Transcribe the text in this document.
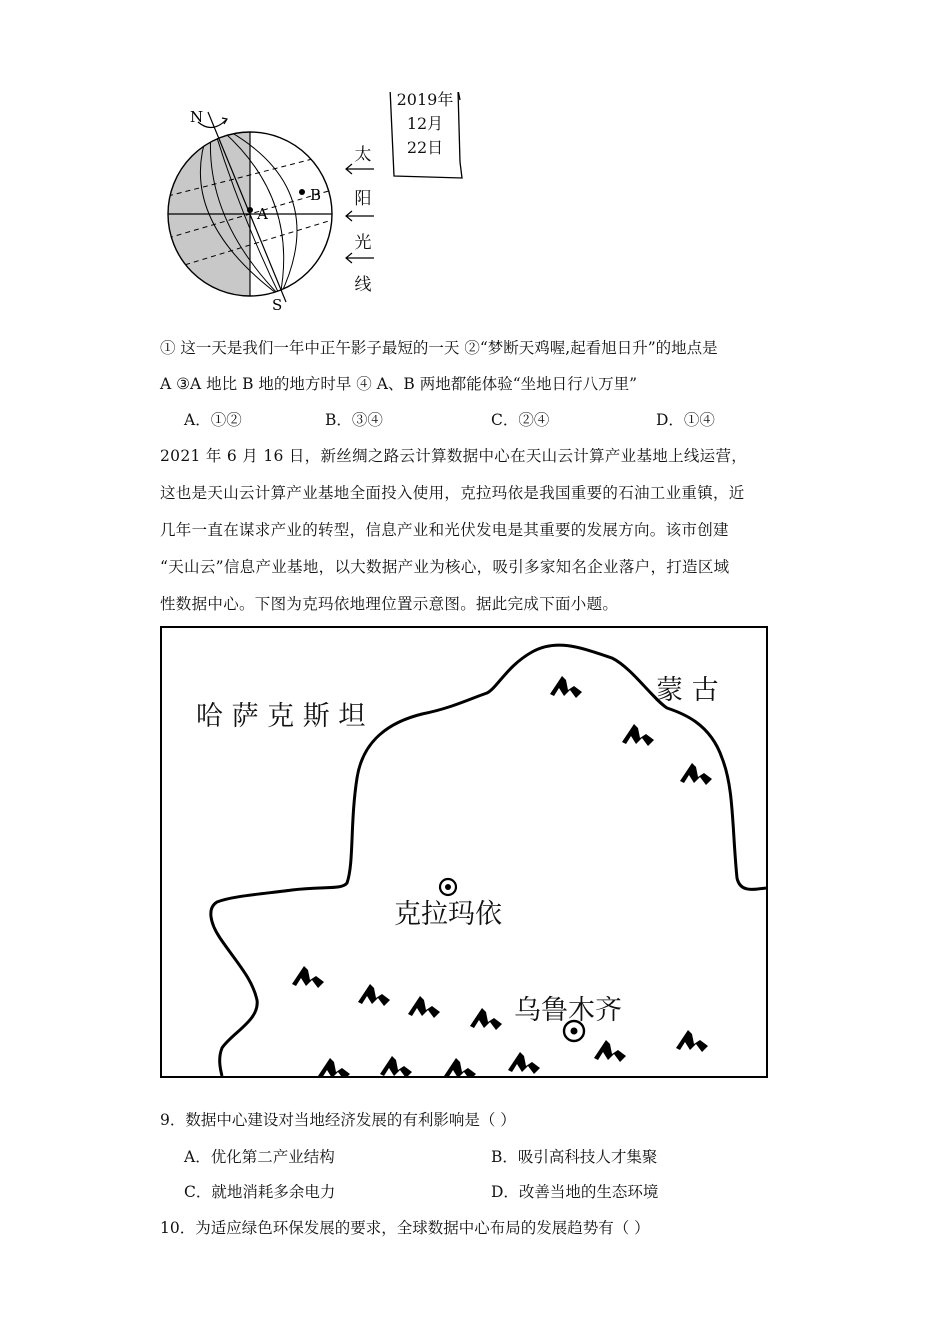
N
S
A
B
2019年
12月
22日
太
阳
光
线
① 这一天是我们一年中正午影子最短的一天 ②“梦断天鸡喔,起看旭日升”的地点是
A ③A 地比 B 地的地方时早 ④ A、B 两地都能体验“坐地日行八万里”
A．①②	B．③④	C．②④	D．①④
2021 年 6 月 16 日，新丝绸之路云计算数据中心在天山云计算产业基地上线运营，
这也是天山云计算产业基地全面投入使用，克拉玛依是我国重要的石油工业重镇，近
几年一直在谋求产业的转型，信息产业和光伏发电是其重要的发展方向。该市创建
“天山云”信息产业基地，以大数据产业为核心，吸引多家知名企业落户，打造区域
性数据中心。下图为克玛依地理位置示意图。据此完成下面小题。
哈 萨 克 斯 坦
蒙 古
克拉玛依
乌鲁木齐
9．数据中心建设对当地经济发展的有利影响是（ ）
A．优化第二产业结构	B．吸引高科技人才集聚
C．就地消耗多余电力	D．改善当地的生态环境
10．为适应绿色环保发展的要求，全球数据中心布局的发展趋势有（ ）
